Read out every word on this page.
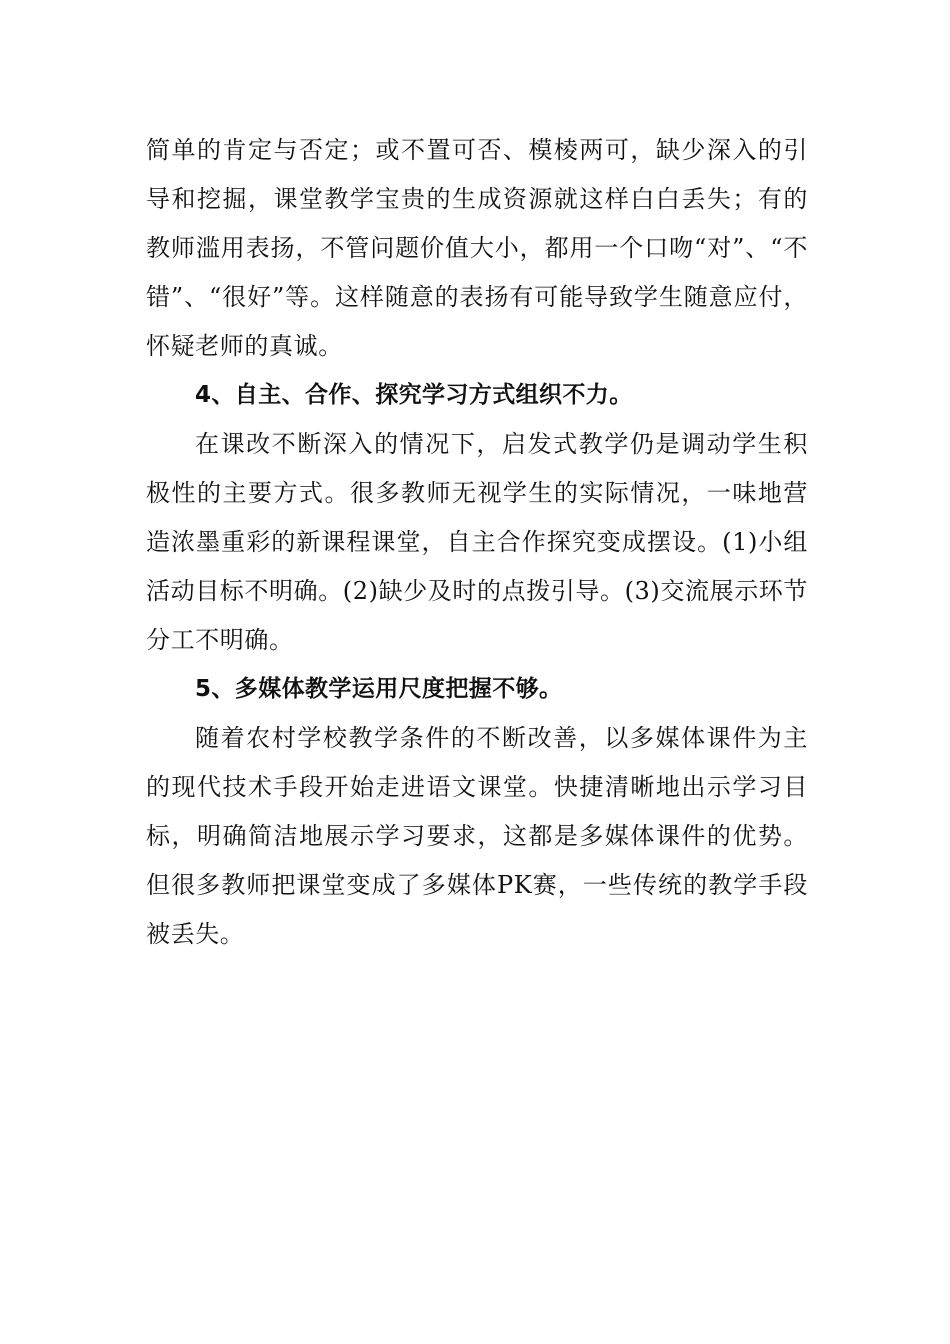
简单的肯定与否定；或不置可否、模棱两可，缺少深入的引导和挖掘，课堂教学宝贵的生成资源就这样白白丢失；有的教师滥用表扬，不管问题价值大小，都用一个口吻“对”、“不错”、“很好”等。这样随意的表扬有可能导致学生随意应付，怀疑老师的真诚。

4、自主、合作、探究学习方式组织不力。

在课改不断深入的情况下，启发式教学仍是调动学生积极性的主要方式。很多教师无视学生的实际情况，一味地营造浓墨重彩的新课程课堂，自主合作探究变成摆设。(1)小组活动目标不明确。(2)缺少及时的点拨引导。(3)交流展示环节分工不明确。

5、多媒体教学运用尺度把握不够。

随着农村学校教学条件的不断改善，以多媒体课件为主的现代技术手段开始走进语文课堂。快捷清晰地出示学习目标，明确简洁地展示学习要求，这都是多媒体课件的优势。但很多教师把课堂变成了多媒体PK赛，一些传统的教学手段被丢失。
